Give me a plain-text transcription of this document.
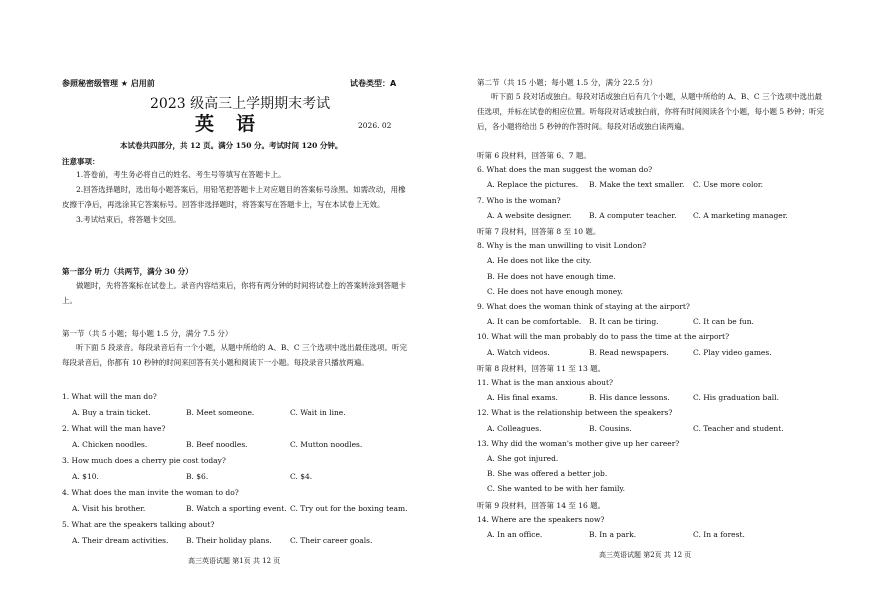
参照秘密级管理 ★ 启用前	试卷类型：A
2023 级高三上学期期末考试
英语	2026. 02
本试卷共四部分，共 12 页。满分 150 分。考试时间 120 分钟。
注意事项：
1.答卷前，考生务必将自己的姓名、考生号等填写在答题卡上。
2.回答选择题时，选出每小题答案后，用铅笔把答题卡上对应题目的答案标号涂黑。如需改动，用橡皮擦干净后，再选涂其它答案标号。回答非选择题时，将答案写在答题卡上，写在本试卷上无效。
3.考试结束后，将答题卡交回。
第一部分 听力（共两节，满分 30 分）
做题时，先将答案标在试卷上。录音内容结束后，你将有两分钟的时间将试卷上的答案转涂到答题卡上。
第一节（共 5 小题；每小题 1.5 分，满分 7.5 分）
听下面 5 段录音。每段录音后有一个小题，从题中所给的 A、B、C 三个选项中选出最佳选项。听完每段录音后，你都有 10 秒钟的时间来回答有关小题和阅读下一小题。每段录音只播放两遍。
1. What will the man do?
A. Buy a train ticket.	B. Meet someone.	C. Wait in line.
2. What will the man have?
A. Chicken noodles.	B. Beef noodles.	C. Mutton noodles.
3. How much does a cherry pie cost today?
A. $10.	B. $6.	C. $4.
4. What does the man invite the woman to do?
A. Visit his brother.	B. Watch a sporting event. C. Try out for the boxing team.
5. What are the speakers talking about?
A. Their dream activities. B. Their holiday plans. C. Their career goals.
高三英语试题 第1页 共 12 页
第二节（共 15 小题；每小题 1.5 分，满分 22.5 分）
听下面 5 段对话或独白。每段对话或独白后有几个小题，从题中所给的 A、B、C 三个选项中选出最佳选项，并标在试卷的相应位置。听每段对话或独白前，你将有时间阅读各个小题，每小题 5 秒钟；听完后，各小题将给出 5 秒钟的作答时间。每段对话或独白读两遍。
听第 6 段材料，回答第 6、7 题。
6. What does the man suggest the woman do?
A. Replace the pictures. B. Make the text smaller. C. Use more color.
7. Who is the woman?
A. A website designer. B. A computer teacher. C. A marketing manager.
听第 7 段材料，回答第 8 至 10 题。
8. Why is the man unwilling to visit London?
A. He does not like the city.
B. He does not have enough time.
C. He does not have enough money.
9. What does the woman think of staying at the airport?
A. It can be comfortable. B. It can be tiring.	C. It can be fun.
10. What will the man probably do to pass the time at the airport?
A. Watch videos.	B. Read newspapers.	C. Play video games.
听第 8 段材料，回答第 11 至 13 题。
11. What is the man anxious about?
A. His final exams.	B. His dance lessons.	C. His graduation ball.
12. What is the relationship between the speakers?
A. Colleagues.	B. Cousins.	C. Teacher and student.
13. Why did the woman's mother give up her career?
A. She got injured.
B. She was offered a better job.
C. She wanted to be with her family.
听第 9 段材料，回答第 14 至 16 题。
14. Where are the speakers now?
A. In an office.	B. In a park.	C. In a forest.
高三英语试题 第2页 共 12 页
